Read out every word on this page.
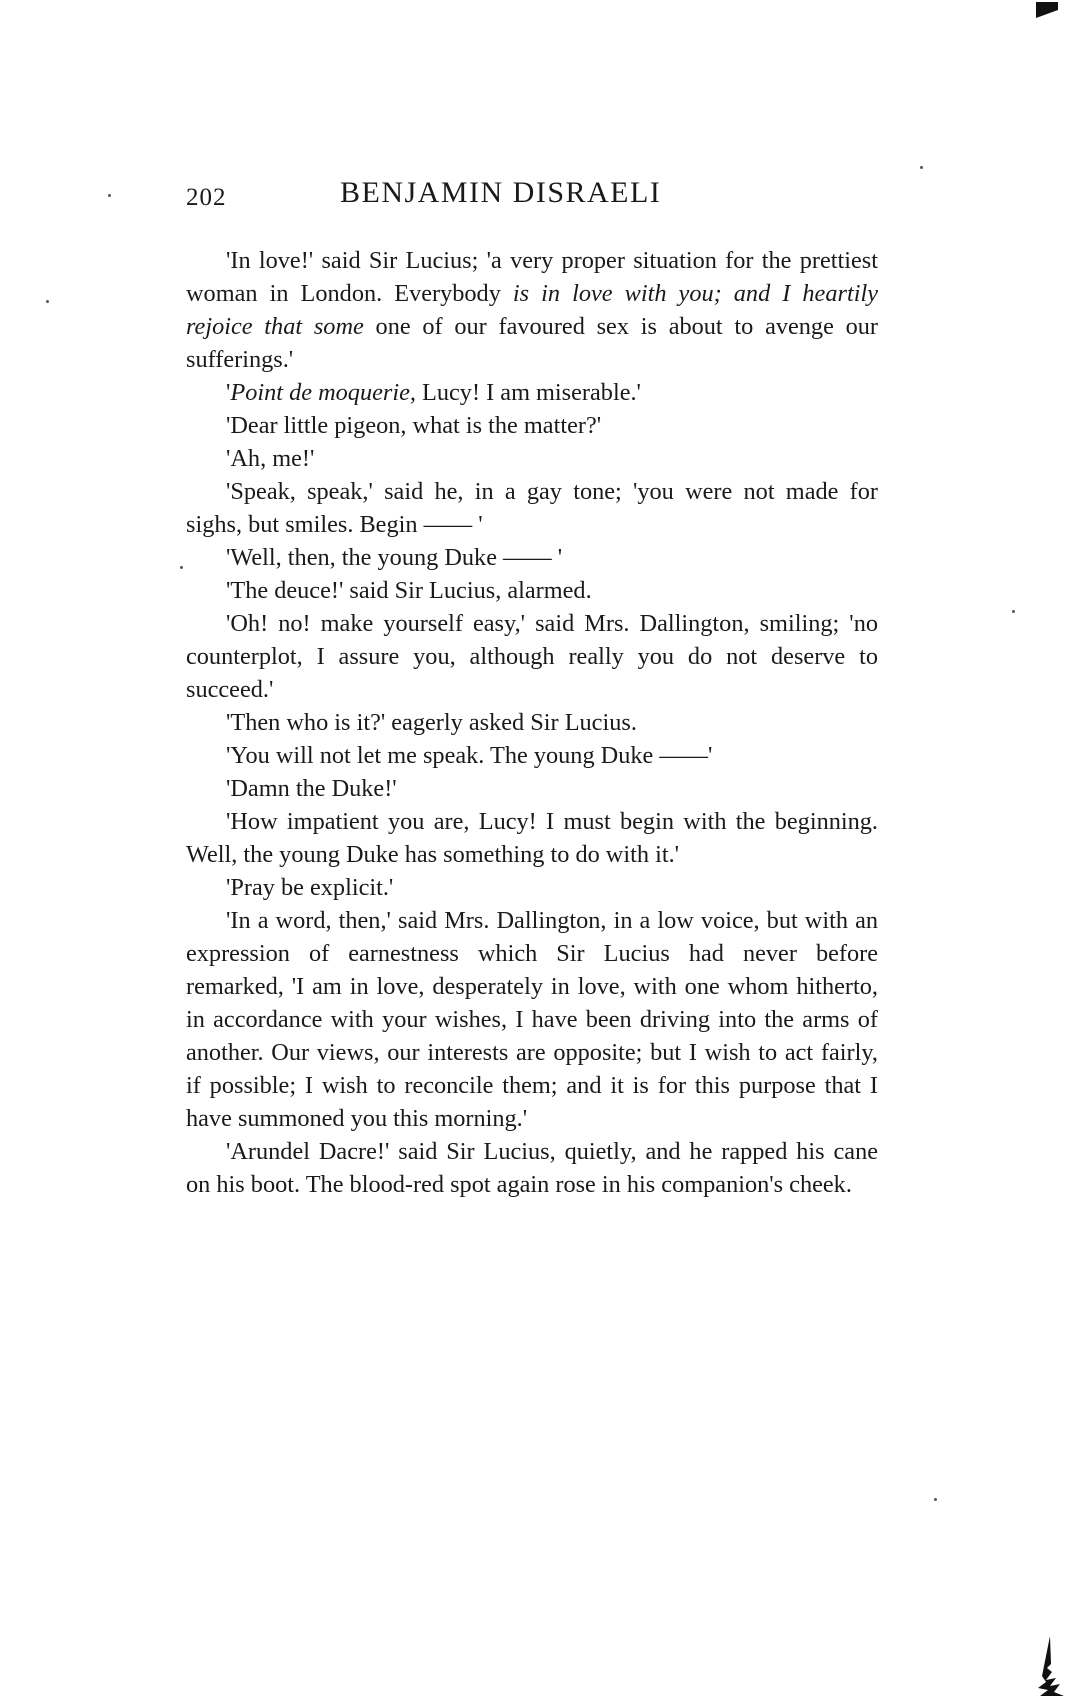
202	BENJAMIN DISRAELI

'In love!' said Sir Lucius; 'a very proper situation for the prettiest woman in London. Everybody is in love with you; and I heartily rejoice that some one of our favoured sex is about to avenge our sufferings.'

'Point de moquerie, Lucy! I am miserable.'

'Dear little pigeon, what is the matter?'

'Ah, me!'

'Speak, speak,' said he, in a gay tone; 'you were not made for sighs, but smiles. Begin —— '

'Well, then, the young Duke —— '

'The deuce!' said Sir Lucius, alarmed.

'Oh! no! make yourself easy,' said Mrs. Dallington, smiling; 'no counterplot, I assure you, although really you do not deserve to succeed.'

'Then who is it?' eagerly asked Sir Lucius.

'You will not let me speak. The young Duke ——'

'Damn the Duke!'

'How impatient you are, Lucy! I must begin with the beginning. Well, the young Duke has something to do with it.'

'Pray be explicit.'

'In a word, then,' said Mrs. Dallington, in a low voice, but with an expression of earnestness which Sir Lucius had never before remarked, 'I am in love, desperately in love, with one whom hitherto, in accordance with your wishes, I have been driving into the arms of another. Our views, our interests are opposite; but I wish to act fairly, if possible; I wish to reconcile them; and it is for this purpose that I have summoned you this morning.'

'Arundel Dacre!' said Sir Lucius, quietly, and he rapped his cane on his boot. The blood-red spot again rose in his companion's cheek.
